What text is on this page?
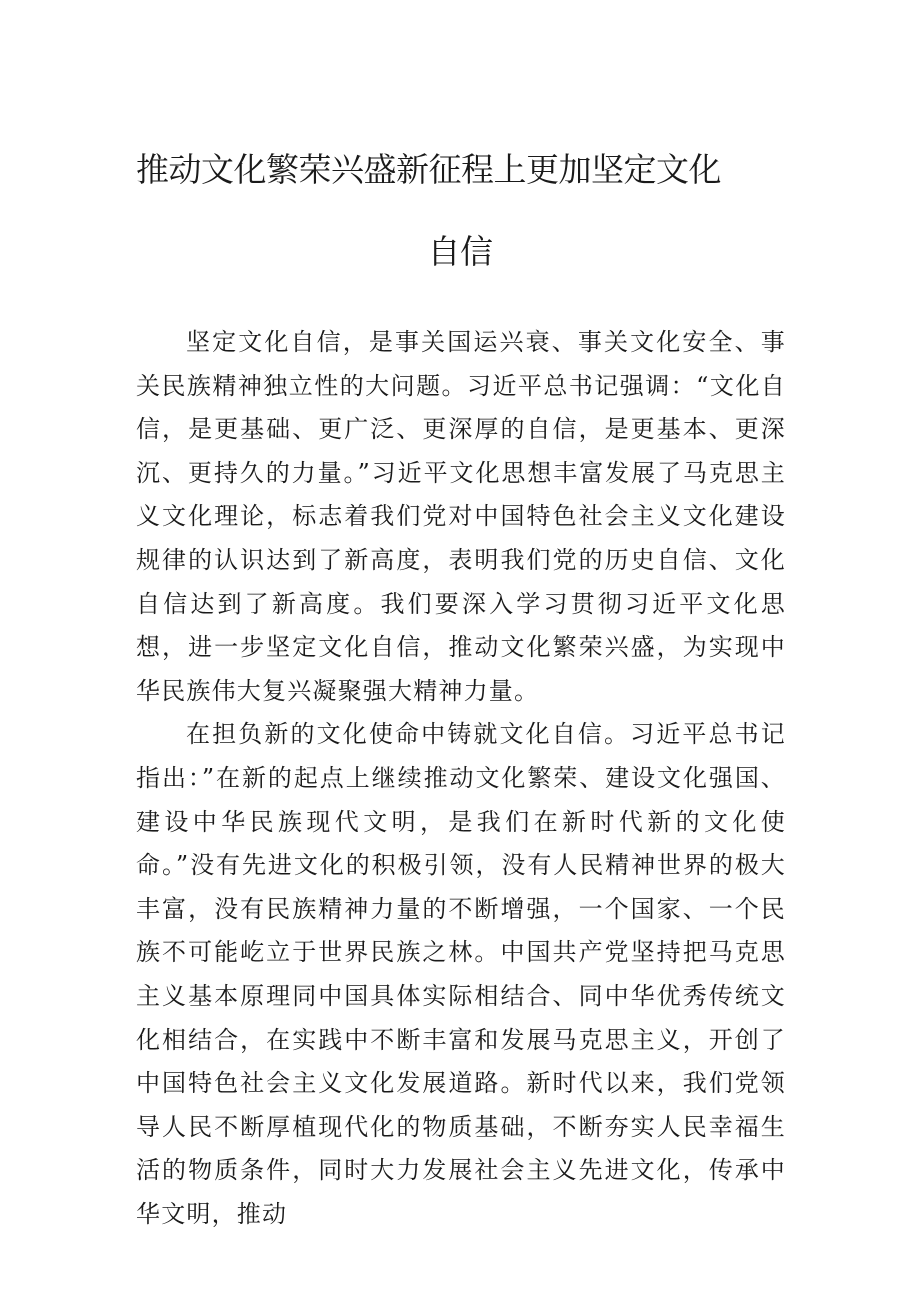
推动文化繁荣兴盛新征程上更加坚定文化
自信

坚定文化自信，是事关国运兴衰、事关文化安全、事关民族精神独立性的大问题。习近平总书记强调：“文化自信，是更基础、更广泛、更深厚的自信，是更基本、更深沉、更持久的力量。”习近平文化思想丰富发展了马克思主义文化理论，标志着我们党对中国特色社会主义文化建设规律的认识达到了新高度，表明我们党的历史自信、文化自信达到了新高度。我们要深入学习贯彻习近平文化思想，进一步坚定文化自信，推动文化繁荣兴盛，为实现中华民族伟大复兴凝聚强大精神力量。

在担负新的文化使命中铸就文化自信。习近平总书记指出：”在新的起点上继续推动文化繁荣、建设文化强国、建设中华民族现代文明，是我们在新时代新的文化使命。”没有先进文化的积极引领，没有人民精神世界的极大丰富，没有民族精神力量的不断增强，一个国家、一个民族不可能屹立于世界民族之林。中国共产党坚持把马克思主义基本原理同中国具体实际相结合、同中华优秀传统文化相结合，在实践中不断丰富和发展马克思主义，开创了中国特色社会主义文化发展道路。新时代以来，我们党领导人民不断厚植现代化的物质基础，不断夯实人民幸福生活的物质条件，同时大力发展社会主义先进文化，传承中华文明，推动
